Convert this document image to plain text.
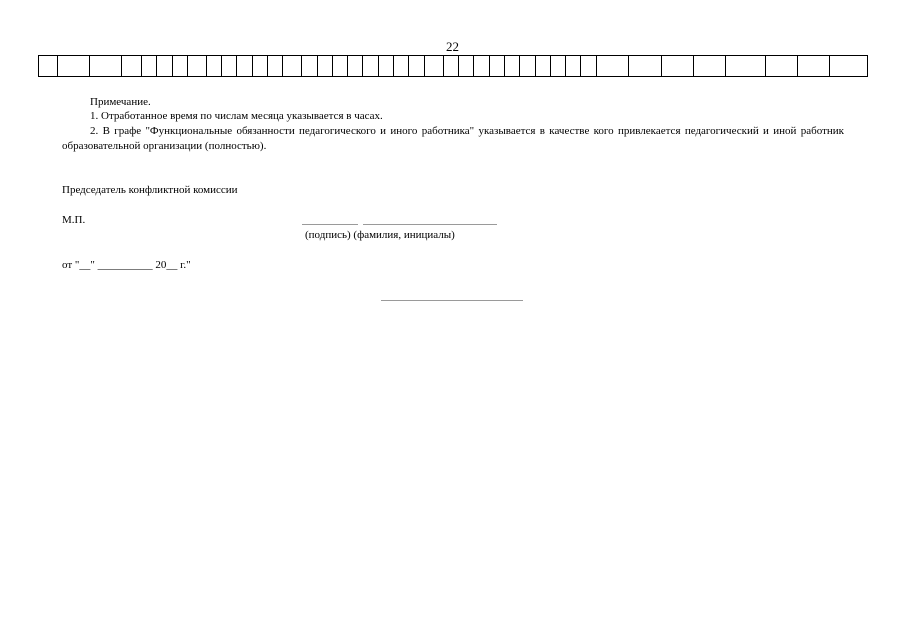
22

Примечание.
1. Отработанное время по числам месяца указывается в часах.
2. В графе "Функциональные обязанности педагогического и иного работника" указывается в качестве кого привлекается педагогический и иной работник образовательной организации (полностью).
Председатель конфликтной комиссии
М.П.
(подпись) (фамилия, инициалы)
от "__" __________ 20__ г."
